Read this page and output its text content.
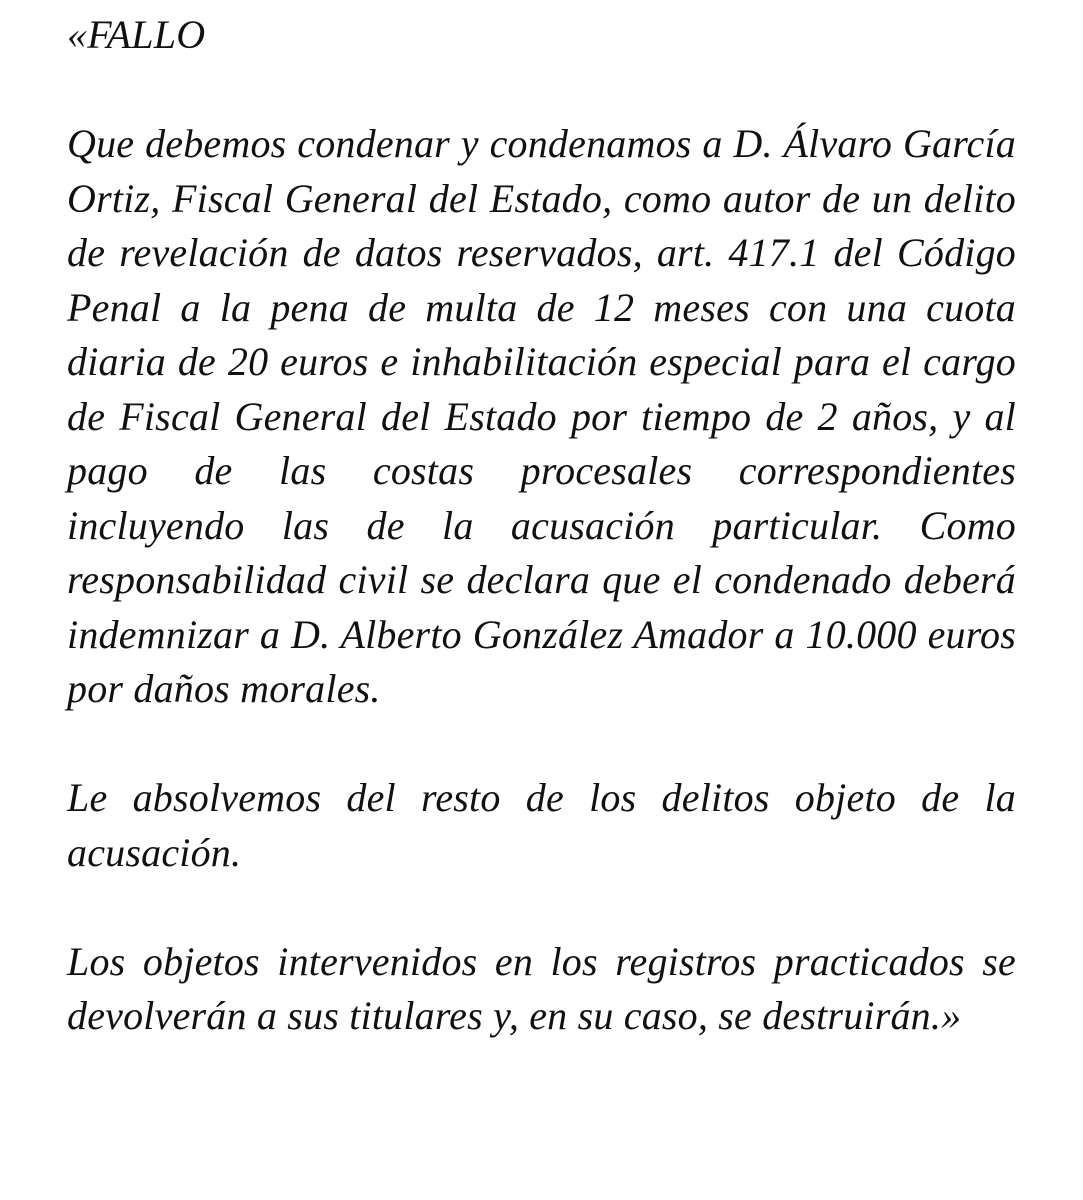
«FALLO

Que debemos condenar y condenamos a D. Álvaro García Ortiz, Fiscal General del Estado, como autor de un delito de revelación de datos reservados, art. 417.1 del Código Penal a la pena de multa de 12 meses con una cuota diaria de 20 euros e inhabilitación especial para el cargo de Fiscal General del Estado por tiempo de 2 años, y al pago de las costas procesales correspondientes incluyendo las de la acusación particular. Como responsabilidad civil se declara que el condenado deberá indemnizar a D. Alberto González Amador a 10.000 euros por daños morales.

Le absolvemos del resto de los delitos objeto de la acusación.

Los objetos intervenidos en los registros practicados se devolverán a sus titulares y, en su caso, se destruirán.»
